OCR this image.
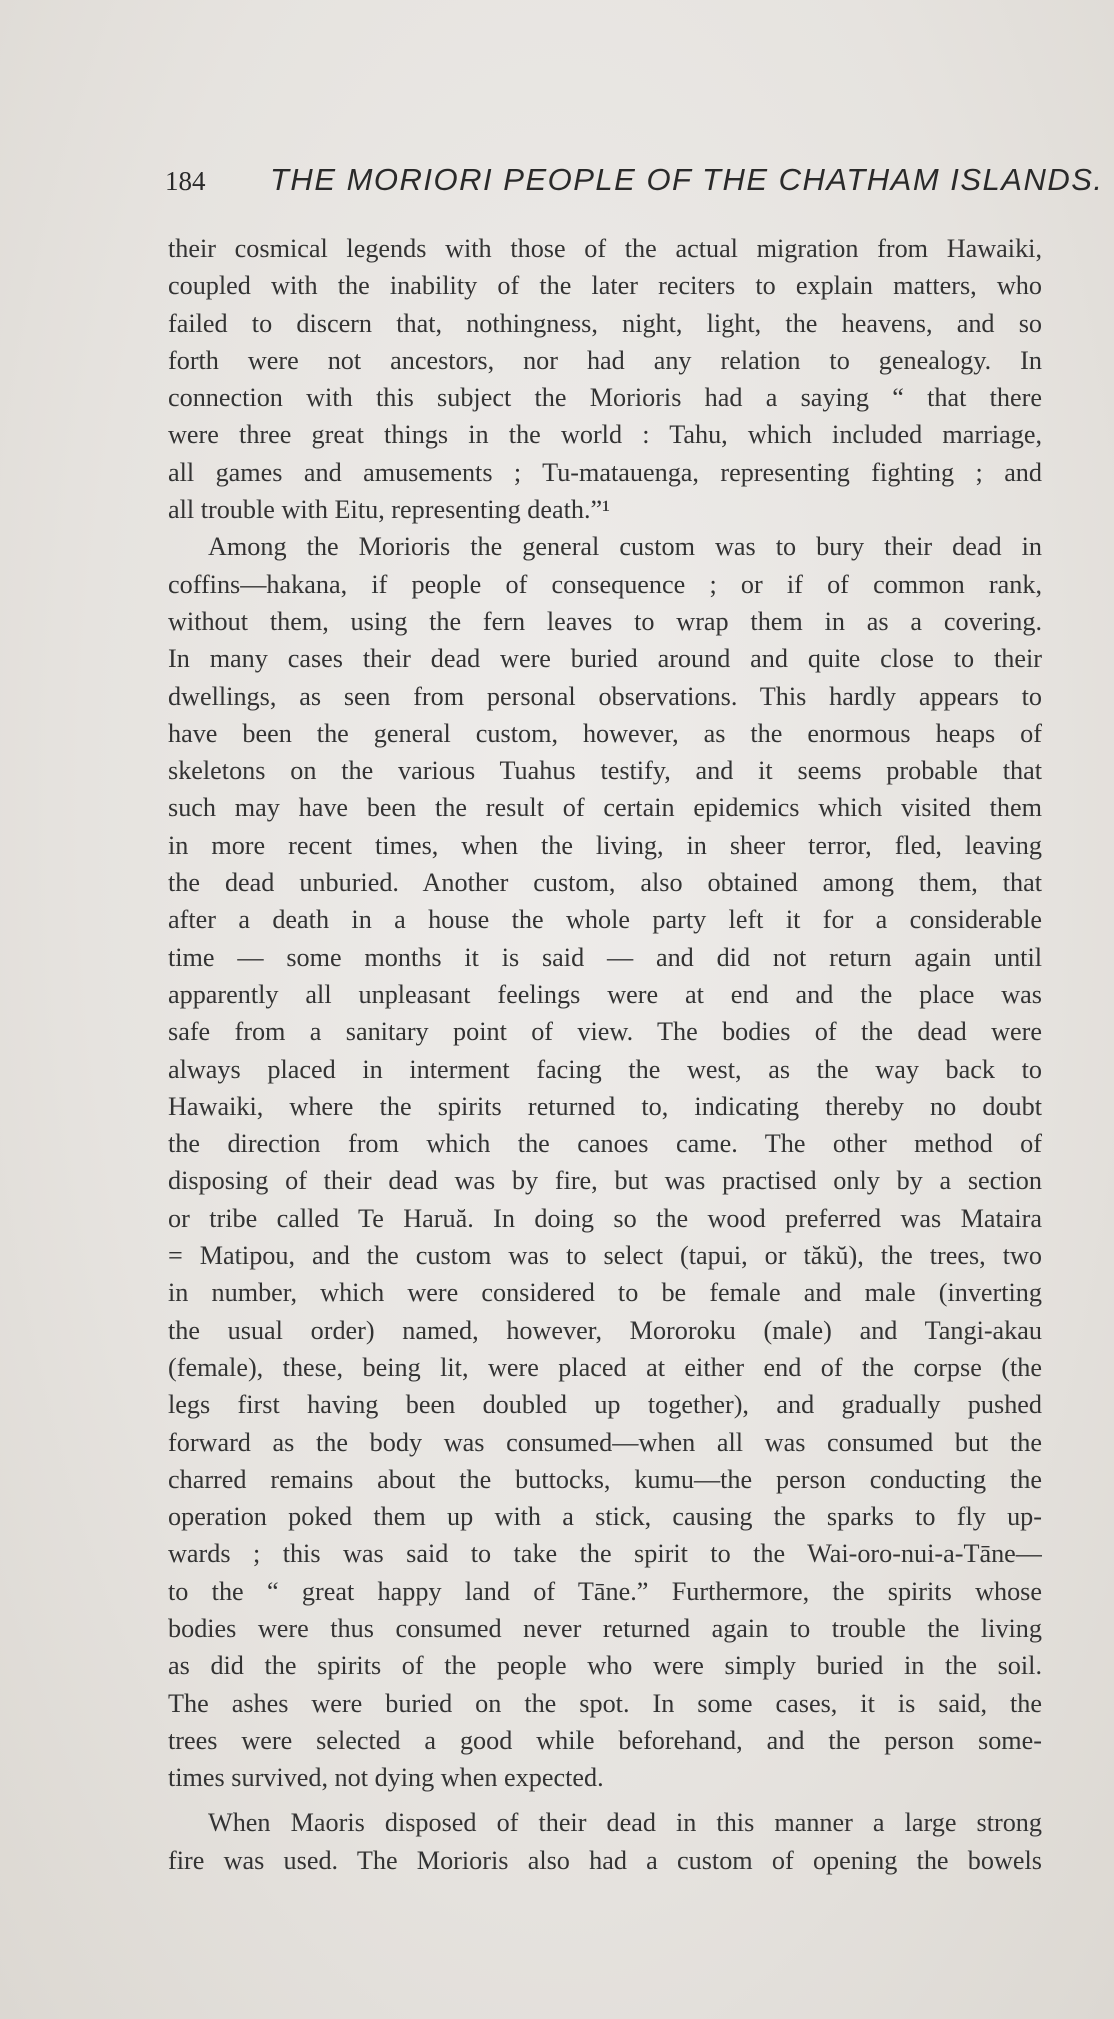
184 THE MORIORI PEOPLE OF THE CHATHAM ISLANDS.
their cosmical legends with those of the actual migration from Hawaiki,
coupled with the inability of the later reciters to explain matters, who
failed to discern that, nothingness, night, light, the heavens, and so
forth were not ancestors, nor had any relation to genealogy. In
connection with this subject the Morioris had a saying “ that there
were three great things in the world : Tahu, which included marriage,
all games and amusements ; Tu-matauenga, representing fighting ; and
all trouble with Eitu, representing death.”¹
Among the Morioris the general custom was to bury their dead in
coffins—hakana, if people of consequence ; or if of common rank,
without them, using the fern leaves to wrap them in as a covering.
In many cases their dead were buried around and quite close to their
dwellings, as seen from personal observations. This hardly appears to
have been the general custom, however, as the enormous heaps of
skeletons on the various Tuahus testify, and it seems probable that
such may have been the result of certain epidemics which visited them
in more recent times, when the living, in sheer terror, fled, leaving
the dead unburied. Another custom, also obtained among them, that
after a death in a house the whole party left it for a considerable
time — some months it is said — and did not return again until
apparently all unpleasant feelings were at end and the place was
safe from a sanitary point of view. The bodies of the dead were
always placed in interment facing the west, as the way back to
Hawaiki, where the spirits returned to, indicating thereby no doubt
the direction from which the canoes came. The other method of
disposing of their dead was by fire, but was practised only by a section
or tribe called Te Haruă. In doing so the wood preferred was Mataira
= Matipou, and the custom was to select (tapui, or tăkŭ), the trees, two
in number, which were considered to be female and male (inverting
the usual order) named, however, Mororoku (male) and Tangi-akau
(female), these, being lit, were placed at either end of the corpse (the
legs first having been doubled up together), and gradually pushed
forward as the body was consumed—when all was consumed but the
charred remains about the buttocks, kumu—the person conducting the
operation poked them up with a stick, causing the sparks to fly up-
wards ; this was said to take the spirit to the Wai-oro-nui-a-Tāne—
to the “ great happy land of Tāne.” Furthermore, the spirits whose
bodies were thus consumed never returned again to trouble the living
as did the spirits of the people who were simply buried in the soil.
The ashes were buried on the spot. In some cases, it is said, the
trees were selected a good while beforehand, and the person some-
times survived, not dying when expected.
When Maoris disposed of their dead in this manner a large strong
fire was used. The Morioris also had a custom of opening the bowels
